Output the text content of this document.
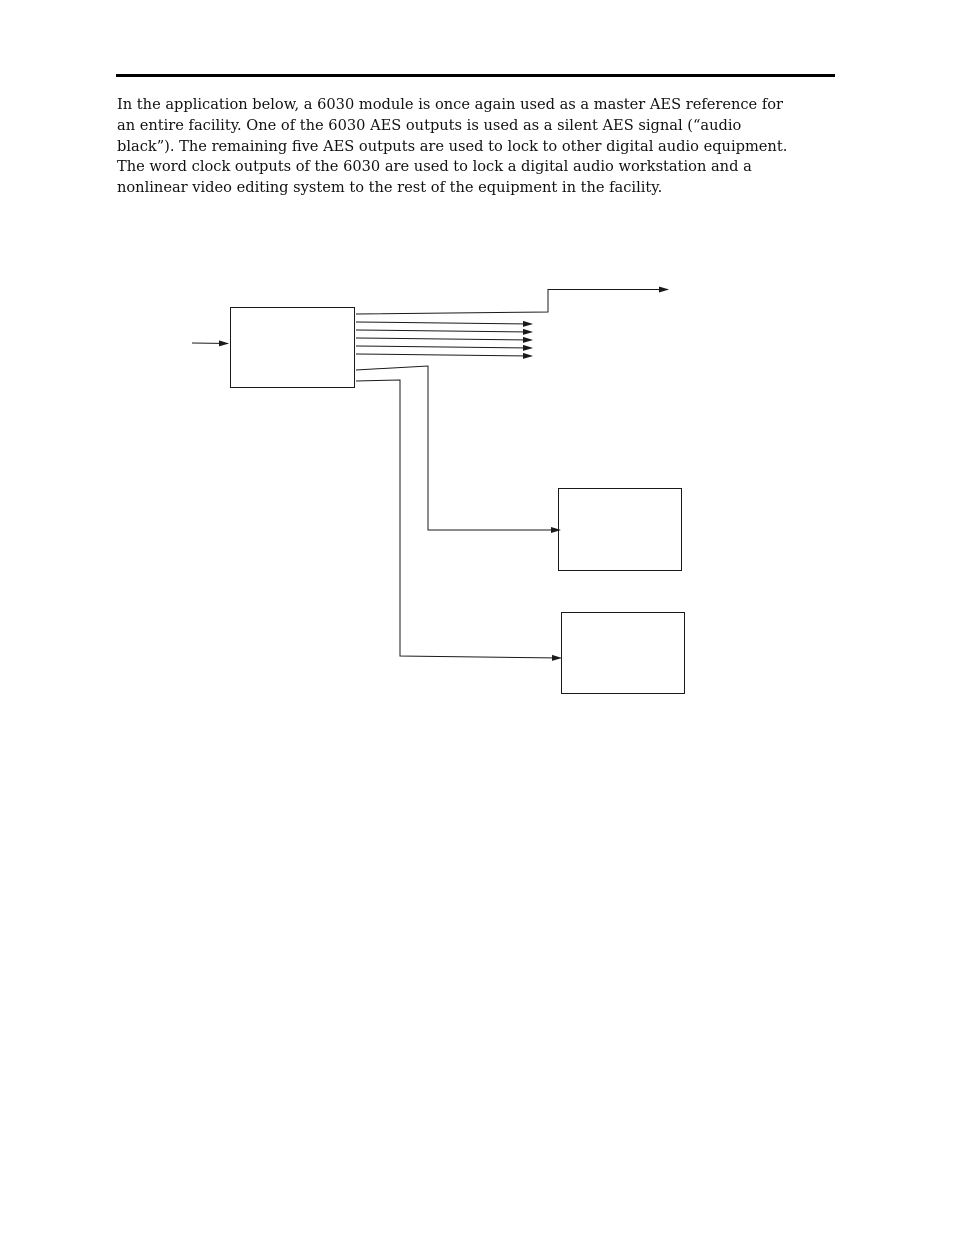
In the application below, a 6030 module is once again used as a master AES reference for
an entire facility. One of the 6030 AES outputs is used as a silent AES signal (“audio
black”). The remaining five AES outputs are used to lock to other digital audio equipment.
The word clock outputs of the 6030 are used to lock a digital audio workstation and a
nonlinear video editing system to the rest of the equipment in the facility.
